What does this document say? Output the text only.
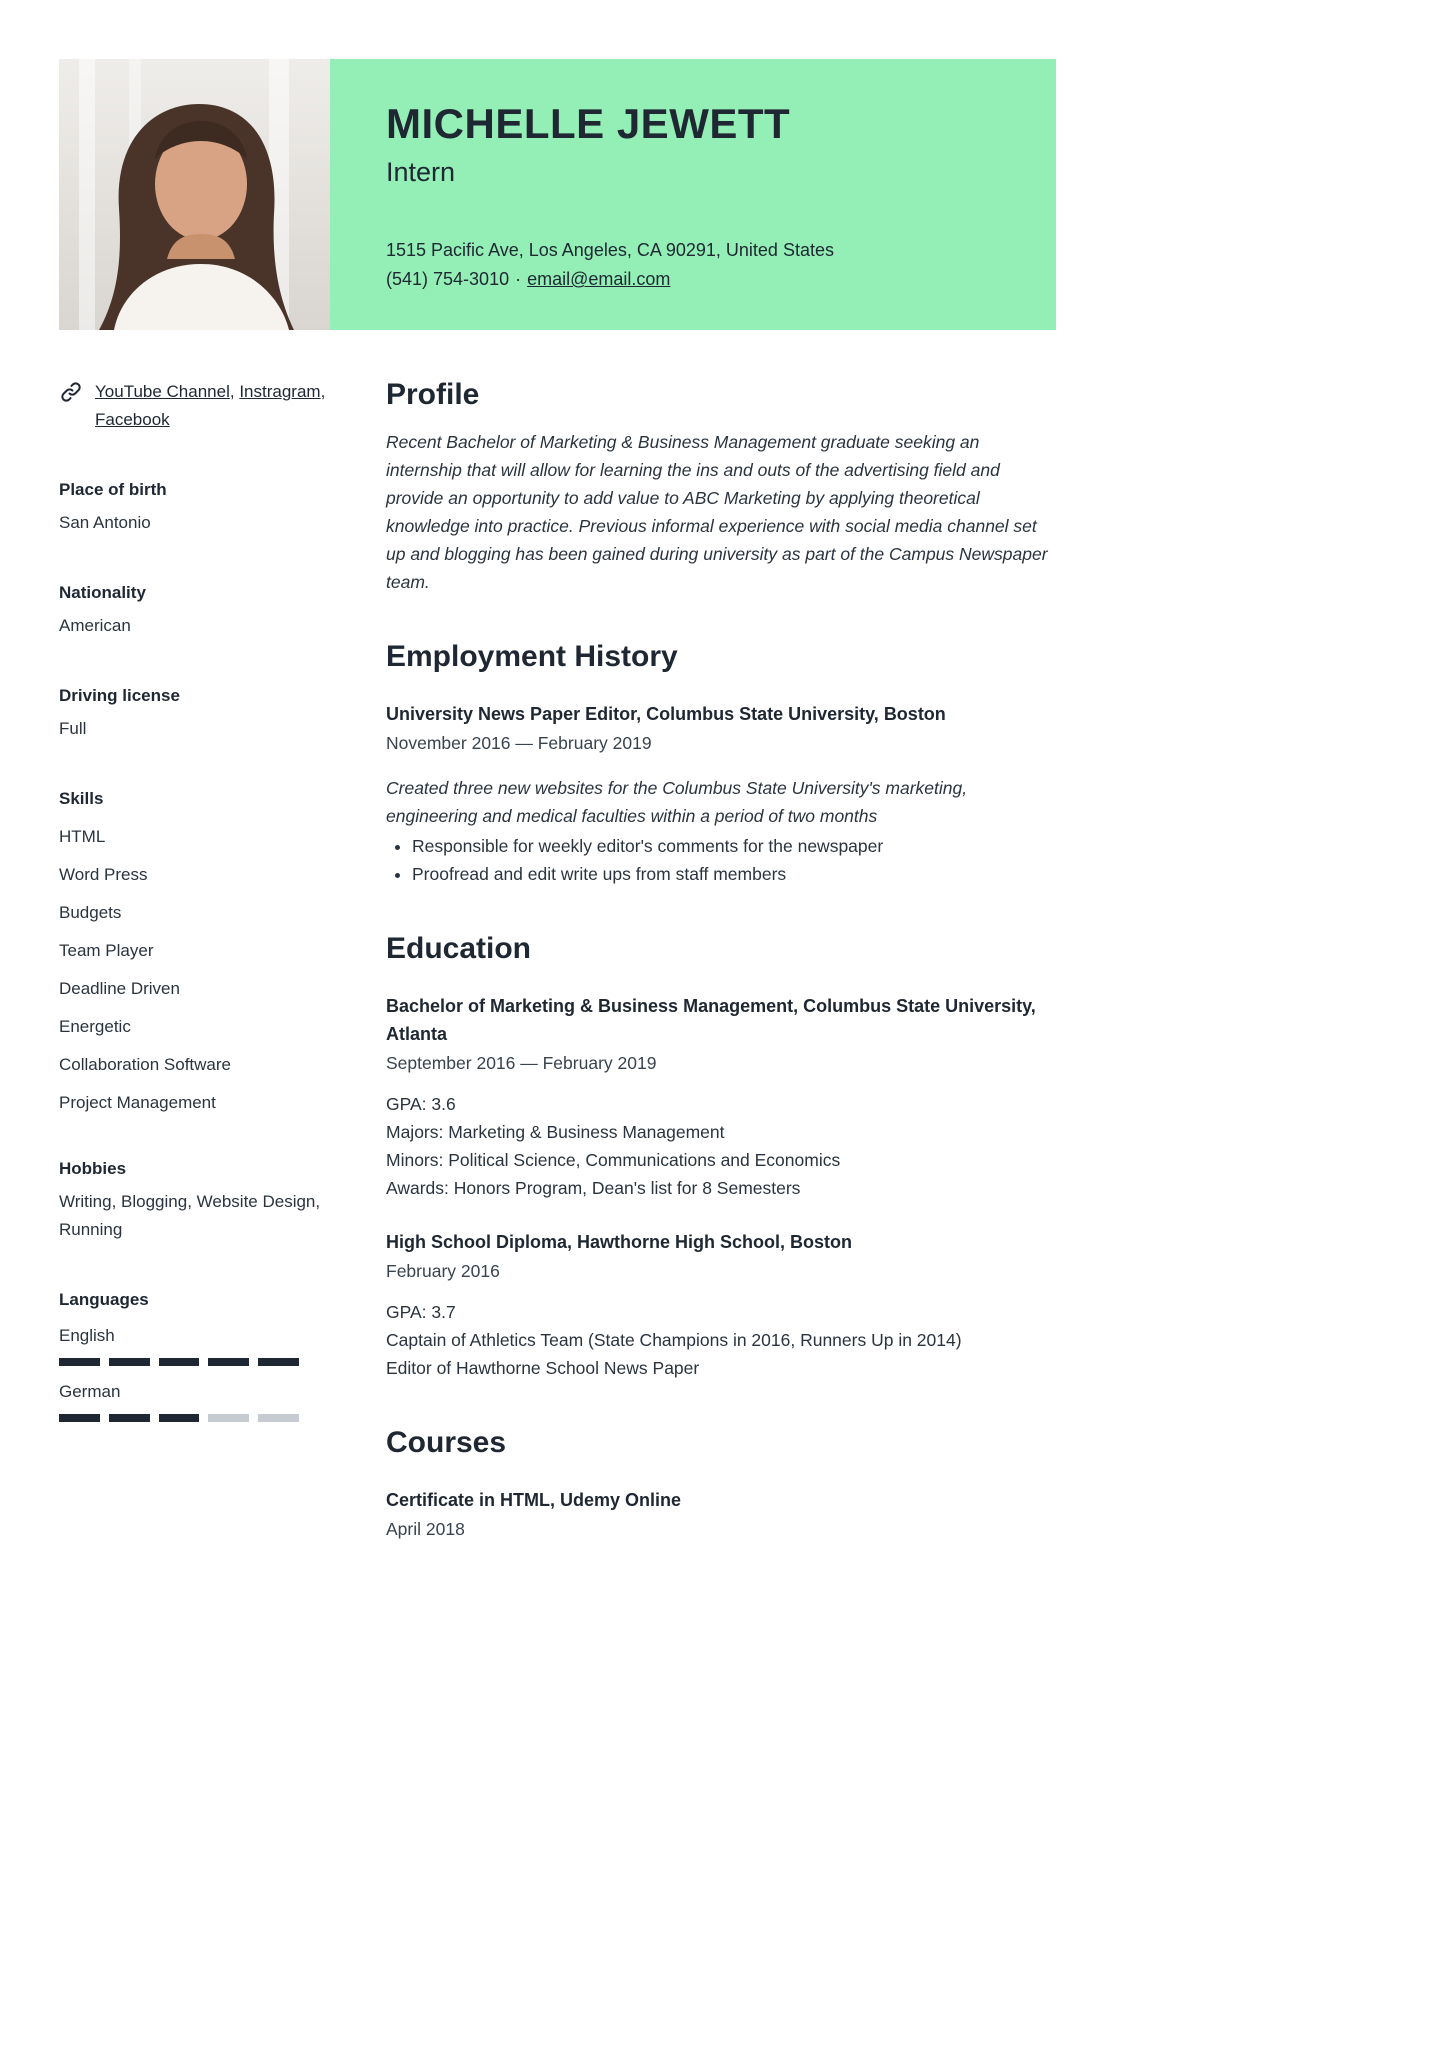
MICHELLE JEWETT
Intern
1515 Pacific Ave, Los Angeles, CA 90291, United States
(541) 754-3010 · email@email.com

YouTube Channel, Instragram, Facebook

Place of birth
San Antonio
Nationality
American
Driving license
Full
Skills
HTML
Word Press
Budgets
Team Player
Deadline Driven
Energetic
Collaboration Software
Project Management
Hobbies
Writing, Blogging, Website Design, Running
Languages
English
German
Profile

Recent Bachelor of Marketing & Business Management graduate seeking an internship that will allow for learning the ins and outs of the advertising field and provide an opportunity to add value to ABC Marketing by applying theoretical knowledge into practice. Previous informal experience with social media channel set up and blogging has been gained during university as part of the Campus Newspaper team.

Employment History
University News Paper Editor, Columbus State University, Boston
November 2016 — February 2019

Created three new websites for the Columbus State University's marketing, engineering and medical faculties within a period of two months

• Responsible for weekly editor's comments for the newspaper
• Proofread and edit write ups from staff members
Education
Bachelor of Marketing & Business Management, Columbus State University, Atlanta
September 2016 — February 2019
GPA: 3.6
Majors: Marketing & Business Management
Minors: Political Science, Communications and Economics
Awards: Honors Program, Dean's list for 8 Semesters
High School Diploma, Hawthorne High School, Boston
February 2016
GPA: 3.7
Captain of Athletics Team (State Champions in 2016, Runners Up in 2014)
Editor of Hawthorne School News Paper
Courses
Certificate in HTML, Udemy Online
April 2018
